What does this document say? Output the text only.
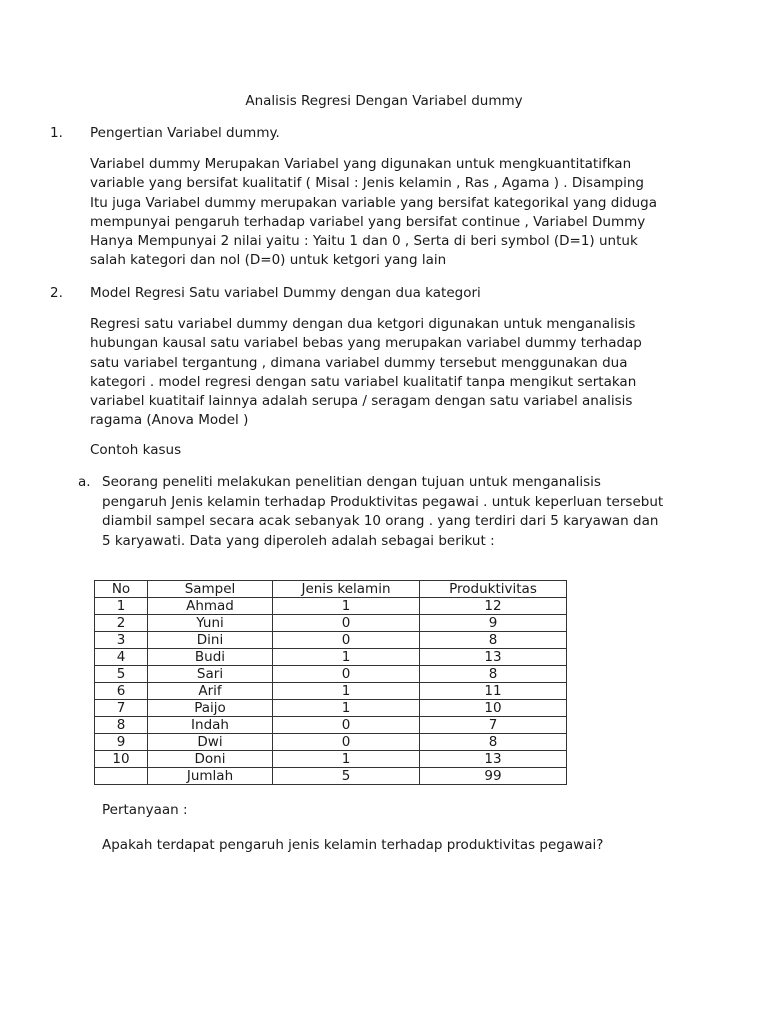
Analisis Regresi Dengan Variabel dummy
1. Pengertian Variabel dummy.
Variabel dummy Merupakan Variabel yang digunakan untuk mengkuantitatifkan
variable yang bersifat kualitatif ( Misal : Jenis kelamin , Ras , Agama ) . Disamping
Itu juga Variabel dummy merupakan variable yang bersifat kategorikal yang diduga
mempunyai pengaruh terhadap variabel yang bersifat continue , Variabel Dummy
Hanya Mempunyai 2 nilai yaitu : Yaitu 1 dan 0 , Serta di beri symbol (D=1) untuk
salah kategori dan nol (D=0) untuk ketgori yang lain
2. Model Regresi Satu variabel Dummy dengan dua kategori
Regresi satu variabel dummy dengan dua ketgori digunakan untuk menganalisis
hubungan kausal satu variabel bebas yang merupakan variabel dummy terhadap
satu variabel tergantung , dimana variabel dummy tersebut menggunakan dua
kategori . model regresi dengan satu variabel kualitatif tanpa mengikut sertakan
variabel kuatitaif lainnya adalah serupa / seragam dengan satu variabel analisis
ragama (Anova Model )
Contoh kasus
a. Seorang peneliti melakukan penelitian dengan tujuan untuk menganalisis
pengaruh Jenis kelamin terhadap Produktivitas pegawai . untuk keperluan tersebut
diambil sampel secara acak sebanyak 10 orang . yang terdiri dari 5 karyawan dan
5 karyawati. Data yang diperoleh adalah sebagai berikut :
No	Sampel	Jenis kelamin	Produktivitas
1	Ahmad	1	12
2	Yuni	0	9
3	Dini	0	8
4	Budi	1	13
5	Sari	0	8
6	Arif	1	11
7	Paijo	1	10
8	Indah	0	7
9	Dwi	0	8
10	Doni	1	13
	Jumlah	5	99
Pertanyaan :
Apakah terdapat pengaruh jenis kelamin terhadap produktivitas pegawai?
